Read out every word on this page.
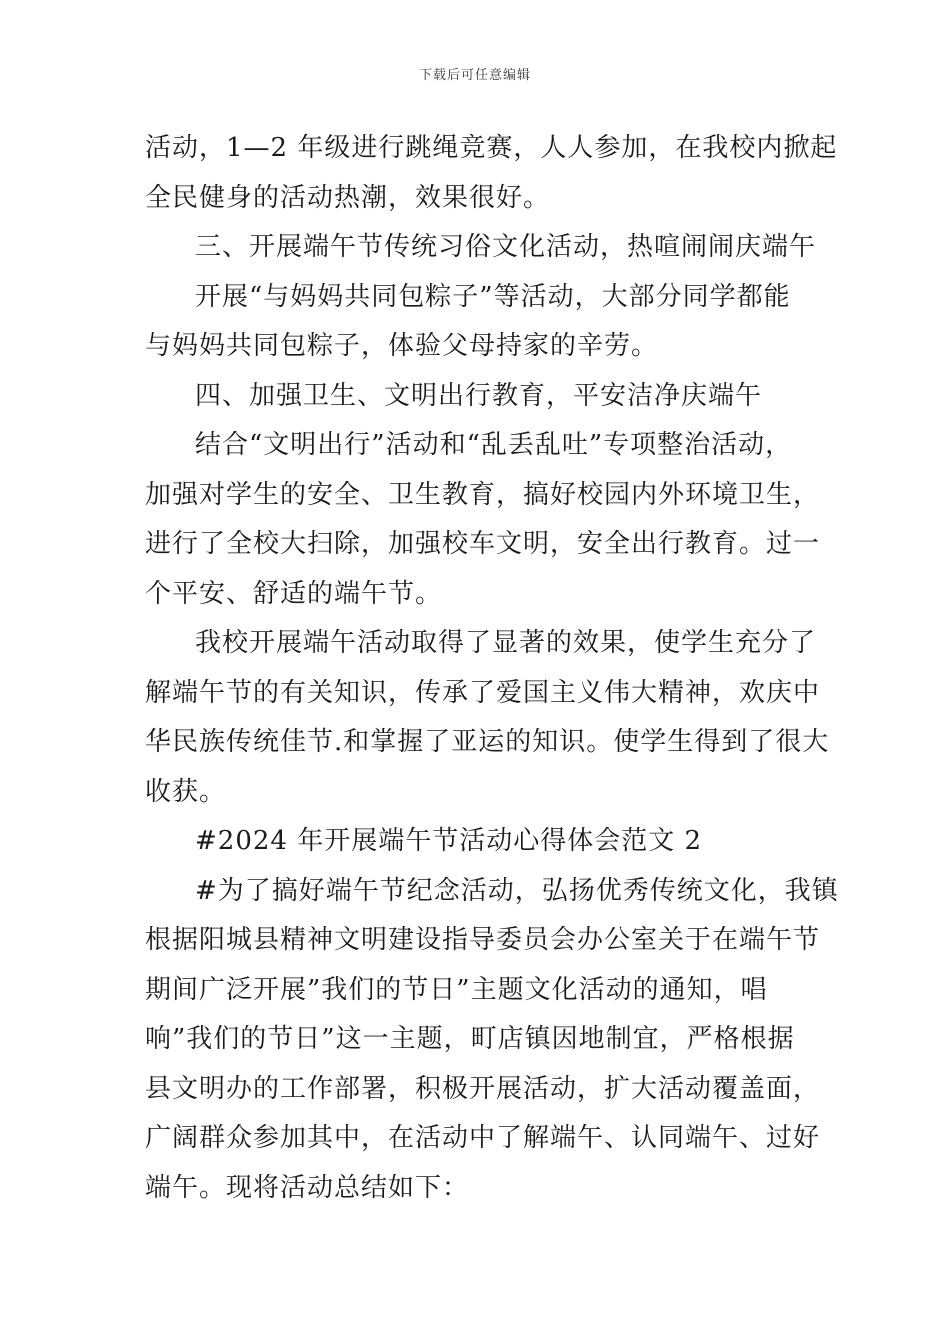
下载后可任意编辑
活动，1—2 年级进行跳绳竞赛，人人参加，在我校内掀起
全民健身的活动热潮，效果很好。
三、开展端午节传统习俗文化活动，热喧闹闹庆端午
开展“与妈妈共同包粽子”等活动，大部分同学都能
与妈妈共同包粽子，体验父母持家的辛劳。
四、加强卫生、文明出行教育，平安洁净庆端午
结合“文明出行”活动和“乱丢乱吐”专项整治活动，
加强对学生的安全、卫生教育，搞好校园内外环境卫生，
进行了全校大扫除，加强校车文明，安全出行教育。过一
个平安、舒适的端午节。
我校开展端午活动取得了显著的效果，使学生充分了
解端午节的有关知识，传承了爱国主义伟大精神，欢庆中
华民族传统佳节.和掌握了亚运的知识。使学生得到了很大
收获。
#2024 年开展端午节活动心得体会范文 2
#为了搞好端午节纪念活动，弘扬优秀传统文化，我镇
根据阳城县精神文明建设指导委员会办公室关于在端午节
期间广泛开展”我们的节日”主题文化活动的通知，唱
响”我们的节日”这一主题，町店镇因地制宜，严格根据
县文明办的工作部署，积极开展活动，扩大活动覆盖面，
广阔群众参加其中，在活动中了解端午、认同端午、过好
端午。现将活动总结如下：
